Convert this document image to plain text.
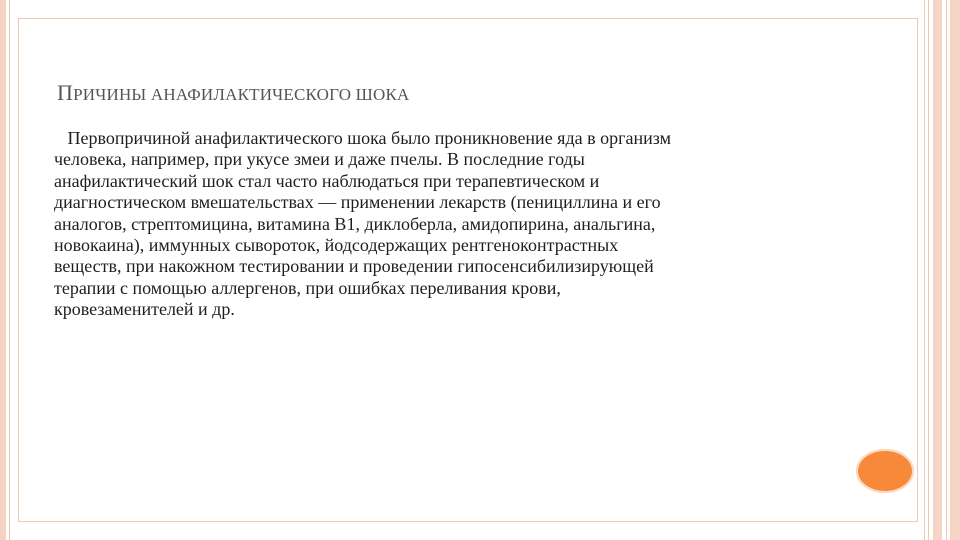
ПРИЧИНЫ АНАФИЛАКТИЧЕСКОГО ШОКА
Первопричиной анафилактического шока было проникновение яда в организм
человека, например, при укусе змеи и даже пчелы. В последние годы
анафилактический шок стал часто наблюдаться при терапевтическом и
диагностическом вмешательствах — применении лекарств (пенициллина и его
аналогов, стрептомицина, витамина В1, диклоберла, амидопирина, анальгина,
новокаина), иммунных сывороток, йодсодержащих рентгеноконтрастных
веществ, при накожном тестировании и проведении гипосенсибилизирующей
терапии с помощью аллергенов, при ошибках переливания крови,
кровезаменителей и др.
